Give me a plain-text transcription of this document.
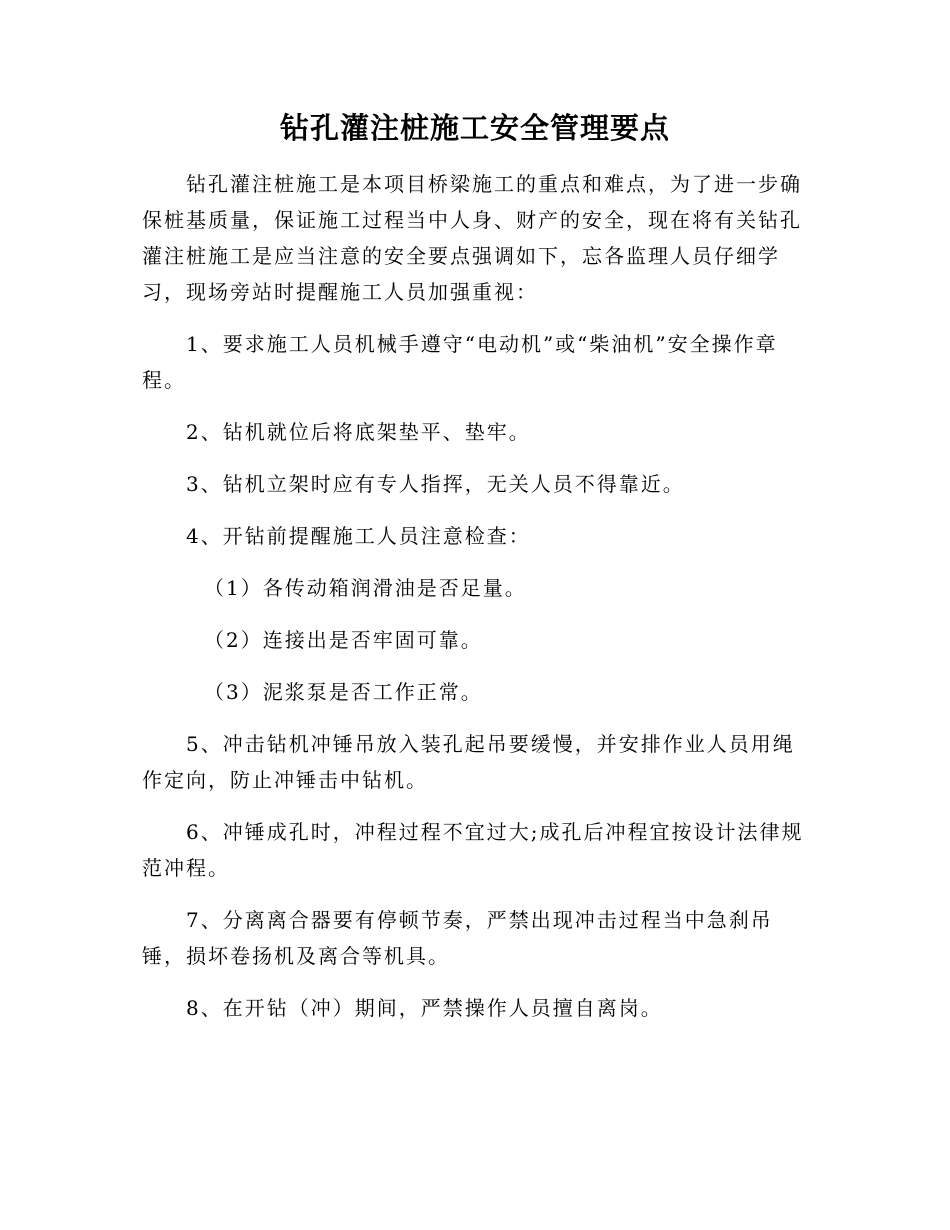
钻孔灌注桩施工安全管理要点

钻孔灌注桩施工是本项目桥梁施工的重点和难点，为了进一步确保桩基质量，保证施工过程当中人身、财产的安全，现在将有关钻孔灌注桩施工是应当注意的安全要点强调如下，忘各监理人员仔细学习，现场旁站时提醒施工人员加强重视：

1、要求施工人员机械手遵守“电动机”或“柴油机”安全操作章程。

2、钻机就位后将底架垫平、垫牢。

3、钻机立架时应有专人指挥，无关人员不得靠近。

4、开钻前提醒施工人员注意检查：

（1）各传动箱润滑油是否足量。

（2）连接出是否牢固可靠。

（3）泥浆泵是否工作正常。

5、冲击钻机冲锤吊放入装孔起吊要缓慢，并安排作业人员用绳作定向，防止冲锤击中钻机。

6、冲锤成孔时，冲程过程不宜过大;成孔后冲程宜按设计法律规范冲程。

7、分离离合器要有停顿节奏，严禁出现冲击过程当中急刹吊锤，损坏卷扬机及离合等机具。

8、在开钻（冲）期间，严禁操作人员擅自离岗。
